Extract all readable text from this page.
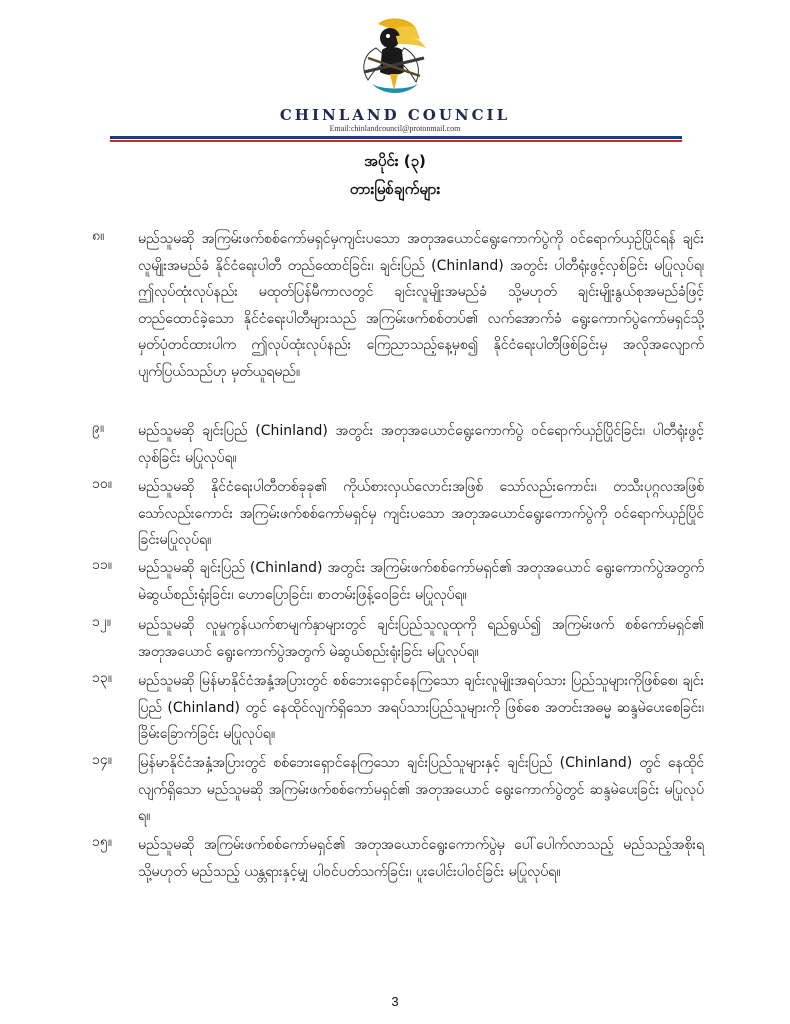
CHINLAND COUNCIL
Email:chinlandcouncil@protonmail.com
အပိုင်း (၃)
တားမြစ်ချက်များ
၈။ မည်သူမဆို အကြမ်းဖက်စစ်ကော်မရှင်မှကျင်းပသော အတုအယောင်ရွေးကောက်ပွဲကို ဝင်ရောက်ယှဉ်ပြိုင်ရန် ချင်းလူမျိုးအမည်ခံ နိုင်ငံရေးပါတီ တည်ထောင်ခြင်း၊ ချင်းပြည် (Chinland) အတွင်း ပါတီရုံးဖွင့်လှစ်ခြင်း မပြုလုပ်ရ၊ ဤလုပ်ထုံးလုပ်နည်း မထုတ်ပြန်မီကာလတွင် ချင်းလူမျိုးအမည်ခံ သို့မဟုတ် ချင်းမျိုးနွယ်စုအမည်ခံဖြင့် တည်ထောင်ခဲ့သော နိုင်ငံရေးပါတီများသည် အကြမ်းဖက်စစ်တပ်၏ လက်အောက်ခံ ရွေးကောက်ပွဲကော်မရှင်သို့ မှတ်ပုံတင်ထားပါက ဤလုပ်ထုံးလုပ်နည်း ကြေညာသည့်နေ့မှစ၍ နိုင်ငံရေးပါတီဖြစ်ခြင်းမှ အလိုအလျောက် ပျက်ပြယ်သည်ဟု မှတ်ယူရမည်။
၉။ မည်သူမဆို ချင်းပြည် (Chinland) အတွင်း အတုအယောင်ရွေးကောက်ပွဲ ဝင်ရောက်ယှဉ်ပြိုင်ခြင်း၊ ပါတီရုံးဖွင့်လှစ်ခြင်း မပြုလုပ်ရ။
၁၀။ မည်သူမဆို နိုင်ငံရေးပါတီတစ်ခုခု၏ ကိုယ်စားလှယ်လောင်းအဖြစ် သော်လည်းကောင်း၊ တသီးပုဂ္ဂလအဖြစ် သော်လည်းကောင်း အကြမ်းဖက်စစ်ကော်မရှင်မှ ကျင်းပသော အတုအယောင်ရွေးကောက်ပွဲကို ဝင်ရောက်ယှဉ်ပြိုင်ခြင်းမပြုလုပ်ရ။
၁၁။ မည်သူမဆို ချင်းပြည် (Chinland) အတွင်း အကြမ်းဖက်စစ်ကော်မရှင်၏ အတုအယောင် ရွေးကောက်ပွဲအတွက် မဲဆွယ်စည်းရုံးခြင်း၊ ဟောပြောခြင်း၊ စာတမ်းဖြန့်ဝေခြင်း မပြုလုပ်ရ။
၁၂။ မည်သူမဆို လူမှုကွန်ယက်စာမျက်နှာများတွင် ချင်းပြည်သူလူထုကို ရည်ရွယ်၍ အကြမ်းဖက် စစ်ကော်မရှင်၏ အတုအယောင် ရွေးကောက်ပွဲအတွက် မဲဆွယ်စည်းရုံးခြင်း မပြုလုပ်ရ။
၁၃။ မည်သူမဆို မြန်မာနိုင်ငံအနှံ့အပြားတွင် စစ်ဘေးရှောင်နေကြသော ချင်းလူမျိုးအရပ်သား ပြည်သူများကိုဖြစ်စေ၊ ချင်းပြည် (Chinland) တွင် နေထိုင်လျက်ရှိသော အရပ်သားပြည်သူများကို ဖြစ်စေ အတင်းအဓမ္မ ဆန္ဒမဲပေးစေခြင်း၊ ခြိမ်းခြောက်ခြင်း မပြုလုပ်ရ။
၁၄။ မြန်မာနိုင်ငံအနှံ့အပြားတွင် စစ်ဘေးရှောင်နေကြသော ချင်းပြည်သူများနှင့် ချင်းပြည် (Chinland) တွင် နေထိုင်လျက်ရှိသော မည်သူမဆို အကြမ်းဖက်စစ်ကော်မရှင်၏ အတုအယောင် ရွေးကောက်ပွဲတွင် ဆန္ဒမဲပေးခြင်း မပြုလုပ်ရ။
၁၅။ မည်သူမဆို အကြမ်းဖက်စစ်ကော်မရှင်၏ အတုအယောင်ရွေးကောက်ပွဲမှ ပေါ်ပေါက်လာသည့် မည်သည့်အစိုးရ သို့မဟုတ် မည်သည့် ယန္တရားနှင့်မျှ ပါဝင်ပတ်သက်ခြင်း၊ ပူးပေါင်းပါဝင်ခြင်း မပြုလုပ်ရ။
3
